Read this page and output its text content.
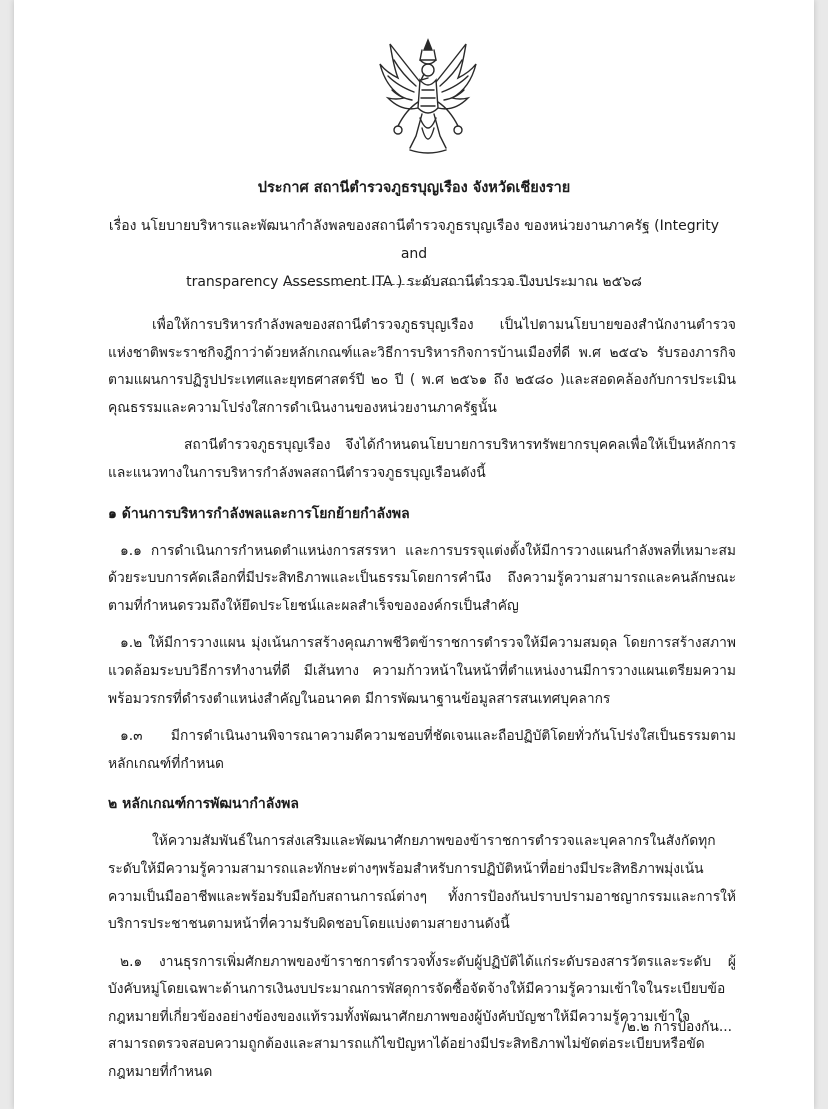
ประกาศ สถานีตำรวจภูธรบุญเรือง จังหวัดเชียงราย
เรื่อง นโยบายบริหารและพัฒนากำลังพลของสถานีตำรวจภูธรบุญเรือง ของหน่วยงานภาครัฐ (Integrity and
transparency Assessment ITA ) ระดับสถานีตำรวจ ปีงบประมาณ ๒๕๖๘

เพื่อให้การบริหารกำลังพลของสถานีตำรวจภูธรบุญเรือง เป็นไปตามนโยบายของสำนักงานตำรวจแห่งชาติพระราชกิจฎีกาว่าด้วยหลักเกณฑ์และวิธีการบริหารกิจการบ้านเมืองที่ดี พ.ศ ๒๕๔๖ รับรองภารกิจตามแผนการปฏิรูปประเทศและยุทธศาสตร์ปี ๒๐ ปี ( พ.ศ ๒๕๖๑ ถึง ๒๕๘๐ )และสอดคล้องกับการประเมินคุณธรรมและความโปร่งใสการดำเนินงานของหน่วยงานภาครัฐนั้น

สถานีตำรวจภูธรบุญเรือง จึงได้กำหนดนโยบายการบริหารทรัพยากรบุคคลเพื่อให้เป็นหลักการและแนวทางในการบริหารกำลังพลสถานีตำรวจภูธรบุญเรือนดังนี้

๑ ด้านการบริหารกำลังพลและการโยกย้ายกำลังพล

๑.๑ การดำเนินการกำหนดตำแหน่งการสรรหา และการบรรจุแต่งตั้งให้มีการวางแผนกำลังพลที่เหมาะสมด้วยระบบการคัดเลือกที่มีประสิทธิภาพและเป็นธรรมโดยการคำนึง ถึงความรู้ความสามารถและคนลักษณะตามที่กำหนดรวมถึงให้ยึดประโยชน์และผลสำเร็จขององค์กรเป็นสำคัญ

๑.๒ ให้มีการวางแผน มุ่งเน้นการสร้างคุณภาพชีวิตข้าราชการตำรวจให้มีความสมดุล โดยการสร้างสภาพแวดล้อมระบบวิธีการทำงานที่ดี มีเส้นทาง ความก้าวหน้าในหน้าที่ตำแหน่งงานมีการวางแผนเตรียมความพร้อมวรกรที่ดำรงตำแหน่งสำคัญในอนาคต มีการพัฒนาฐานข้อมูลสารสนเทศบุคลากร

๑.๓ มีการดำเนินงานพิจารณาความดีความชอบที่ชัดเจนและถือปฏิบัติโดยทั่วกันโปร่งใสเป็นธรรมตามหลักเกณฑ์ที่กำหนด

๒ หลักเกณฑ์การพัฒนากำลังพล

ให้ความสัมพันธ์ในการส่งเสริมและพัฒนาศักยภาพของข้าราชการตำรวจและบุคลากรในสังกัดทุกระดับให้มีความรู้ความสามารถและทักษะต่างๆพร้อมสำหรับการปฏิบัติหน้าที่อย่างมีประสิทธิภาพมุ่งเน้นความเป็นมืออาชีพและพร้อมรับมือกับสถานการณ์ต่างๆ ทั้งการป้องกันปราบปรามอาชญากรรมและการให้บริการประชาชนตามหน้าที่ความรับผิดชอบโดยแบ่งตามสายงานดังนี้

๒.๑ งานธุรการเพิ่มศักยภาพของข้าราชการตำรวจทั้งระดับผู้ปฏิบัติได้แก่ระดับรองสารวัตรและระดับ ผู้บังคับหมู่โดยเฉพาะด้านการเงินงบประมาณการพัสดุการจัดซื้อจัดจ้างให้มีความรู้ความเข้าใจในระเบียบข้อกฎหมายที่เกี่ยวข้องอย่างข้องของแท้รวมทั้งพัฒนาศักยภาพของผู้บังคับบัญชาให้มีความรู้ความเข้าใจสามารถตรวจสอบความถูกต้องและสามารถแก้ไขปัญหาได้อย่างมีประสิทธิภาพไม่ขัดต่อระเบียบหรือขัดกฎหมายที่กำหนด

/๒.๒ การป้องกัน...
